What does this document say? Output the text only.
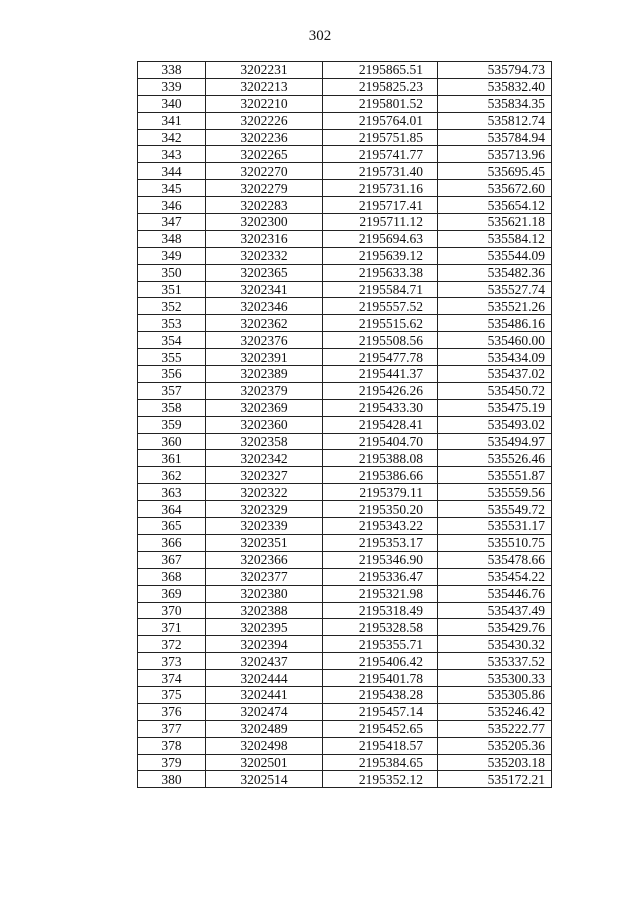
302
338	3202231	2195865.51	535794.73
339	3202213	2195825.23	535832.40
340	3202210	2195801.52	535834.35
341	3202226	2195764.01	535812.74
342	3202236	2195751.85	535784.94
343	3202265	2195741.77	535713.96
344	3202270	2195731.40	535695.45
345	3202279	2195731.16	535672.60
346	3202283	2195717.41	535654.12
347	3202300	2195711.12	535621.18
348	3202316	2195694.63	535584.12
349	3202332	2195639.12	535544.09
350	3202365	2195633.38	535482.36
351	3202341	2195584.71	535527.74
352	3202346	2195557.52	535521.26
353	3202362	2195515.62	535486.16
354	3202376	2195508.56	535460.00
355	3202391	2195477.78	535434.09
356	3202389	2195441.37	535437.02
357	3202379	2195426.26	535450.72
358	3202369	2195433.30	535475.19
359	3202360	2195428.41	535493.02
360	3202358	2195404.70	535494.97
361	3202342	2195388.08	535526.46
362	3202327	2195386.66	535551.87
363	3202322	2195379.11	535559.56
364	3202329	2195350.20	535549.72
365	3202339	2195343.22	535531.17
366	3202351	2195353.17	535510.75
367	3202366	2195346.90	535478.66
368	3202377	2195336.47	535454.22
369	3202380	2195321.98	535446.76
370	3202388	2195318.49	535437.49
371	3202395	2195328.58	535429.76
372	3202394	2195355.71	535430.32
373	3202437	2195406.42	535337.52
374	3202444	2195401.78	535300.33
375	3202441	2195438.28	535305.86
376	3202474	2195457.14	535246.42
377	3202489	2195452.65	535222.77
378	3202498	2195418.57	535205.36
379	3202501	2195384.65	535203.18
380	3202514	2195352.12	535172.21
